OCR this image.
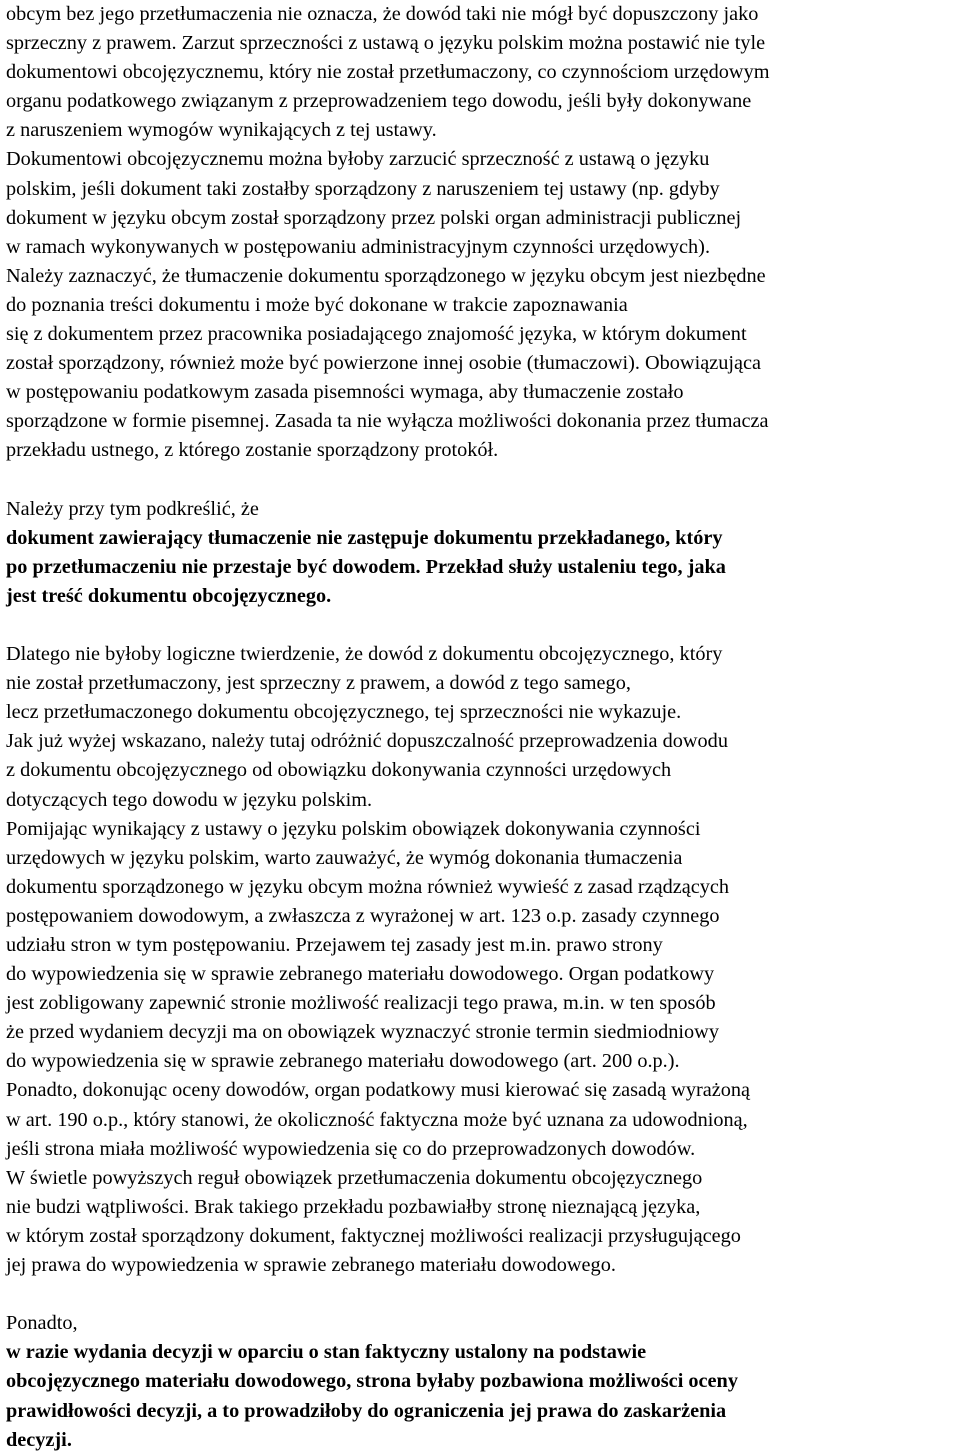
obcym bez jego przetłumaczenia nie oznacza, że dowód taki nie mógł być dopuszczony jako
sprzeczny z prawem. Zarzut sprzeczności z ustawą o języku polskim można postawić nie tyle
dokumentowi obcojęzycznemu, który nie został przetłumaczony, co czynnościom urzędowym
organu podatkowego związanym z przeprowadzeniem tego dowodu, jeśli były dokonywane
z naruszeniem wymogów wynikających z tej ustawy.
Dokumentowi obcojęzycznemu można byłoby zarzucić sprzeczność z ustawą o języku
polskim, jeśli dokument taki zostałby sporządzony z naruszeniem tej ustawy (np. gdyby
dokument w języku obcym został sporządzony przez polski organ administracji publicznej
w ramach wykonywanych w postępowaniu administracyjnym czynności urzędowych).
Należy zaznaczyć, że tłumaczenie dokumentu sporządzonego w języku obcym jest niezbędne
do poznania treści dokumentu i może być dokonane w trakcie zapoznawania
się z dokumentem przez pracownika posiadającego znajomość języka, w którym dokument
został sporządzony, również może być powierzone innej osobie (tłumaczowi). Obowiązująca
w postępowaniu podatkowym zasada pisemności wymaga, aby tłumaczenie zostało
sporządzone w formie pisemnej. Zasada ta nie wyłącza możliwości dokonania przez tłumacza
przekładu ustnego, z którego zostanie sporządzony protokół.
Należy przy tym podkreślić, że
dokument zawierający tłumaczenie nie zastępuje dokumentu przekładanego, który
po przetłumaczeniu nie przestaje być dowodem. Przekład służy ustaleniu tego, jaka
jest treść dokumentu obcojęzycznego.
Dlatego nie byłoby logiczne twierdzenie, że dowód z dokumentu obcojęzycznego, który
nie został przetłumaczony, jest sprzeczny z prawem, a dowód z tego samego,
lecz przetłumaczonego dokumentu obcojęzycznego, tej sprzeczności nie wykazuje.
Jak już wyżej wskazano, należy tutaj odróżnić dopuszczalność przeprowadzenia dowodu
z dokumentu obcojęzycznego od obowiązku dokonywania czynności urzędowych
dotyczących tego dowodu w języku polskim.
Pomijając wynikający z ustawy o języku polskim obowiązek dokonywania czynności
urzędowych w języku polskim, warto zauważyć, że wymóg dokonania tłumaczenia
dokumentu sporządzonego w języku obcym można również wywieść z zasad rządzących
postępowaniem dowodowym, a zwłaszcza z wyrażonej w art. 123 o.p. zasady czynnego
udziału stron w tym postępowaniu. Przejawem tej zasady jest m.in. prawo strony
do wypowiedzenia się w sprawie zebranego materiału dowodowego. Organ podatkowy
jest zobligowany zapewnić stronie możliwość realizacji tego prawa, m.in. w ten sposób
że przed wydaniem decyzji ma on obowiązek wyznaczyć stronie termin siedmiodniowy
do wypowiedzenia się w sprawie zebranego materiału dowodowego (art. 200 o.p.).
Ponadto, dokonując oceny dowodów, organ podatkowy musi kierować się zasadą wyrażoną
w art. 190 o.p., który stanowi, że okoliczność faktyczna może być uznana za udowodnioną,
jeśli strona miała możliwość wypowiedzenia się co do przeprowadzonych dowodów.
W świetle powyższych reguł obowiązek przetłumaczenia dokumentu obcojęzycznego
nie budzi wątpliwości. Brak takiego przekładu pozbawiałby stronę nieznającą języka,
w którym został sporządzony dokument, faktycznej możliwości realizacji przysługującego
jej prawa do wypowiedzenia w sprawie zebranego materiału dowodowego.
Ponadto,
w razie wydania decyzji w oparciu o stan faktyczny ustalony na podstawie
obcojęzycznego materiału dowodowego, strona byłaby pozbawiona możliwości oceny
prawidłowości decyzji, a to prowadziłoby do ograniczenia jej prawa do zaskarżenia
decyzji.
